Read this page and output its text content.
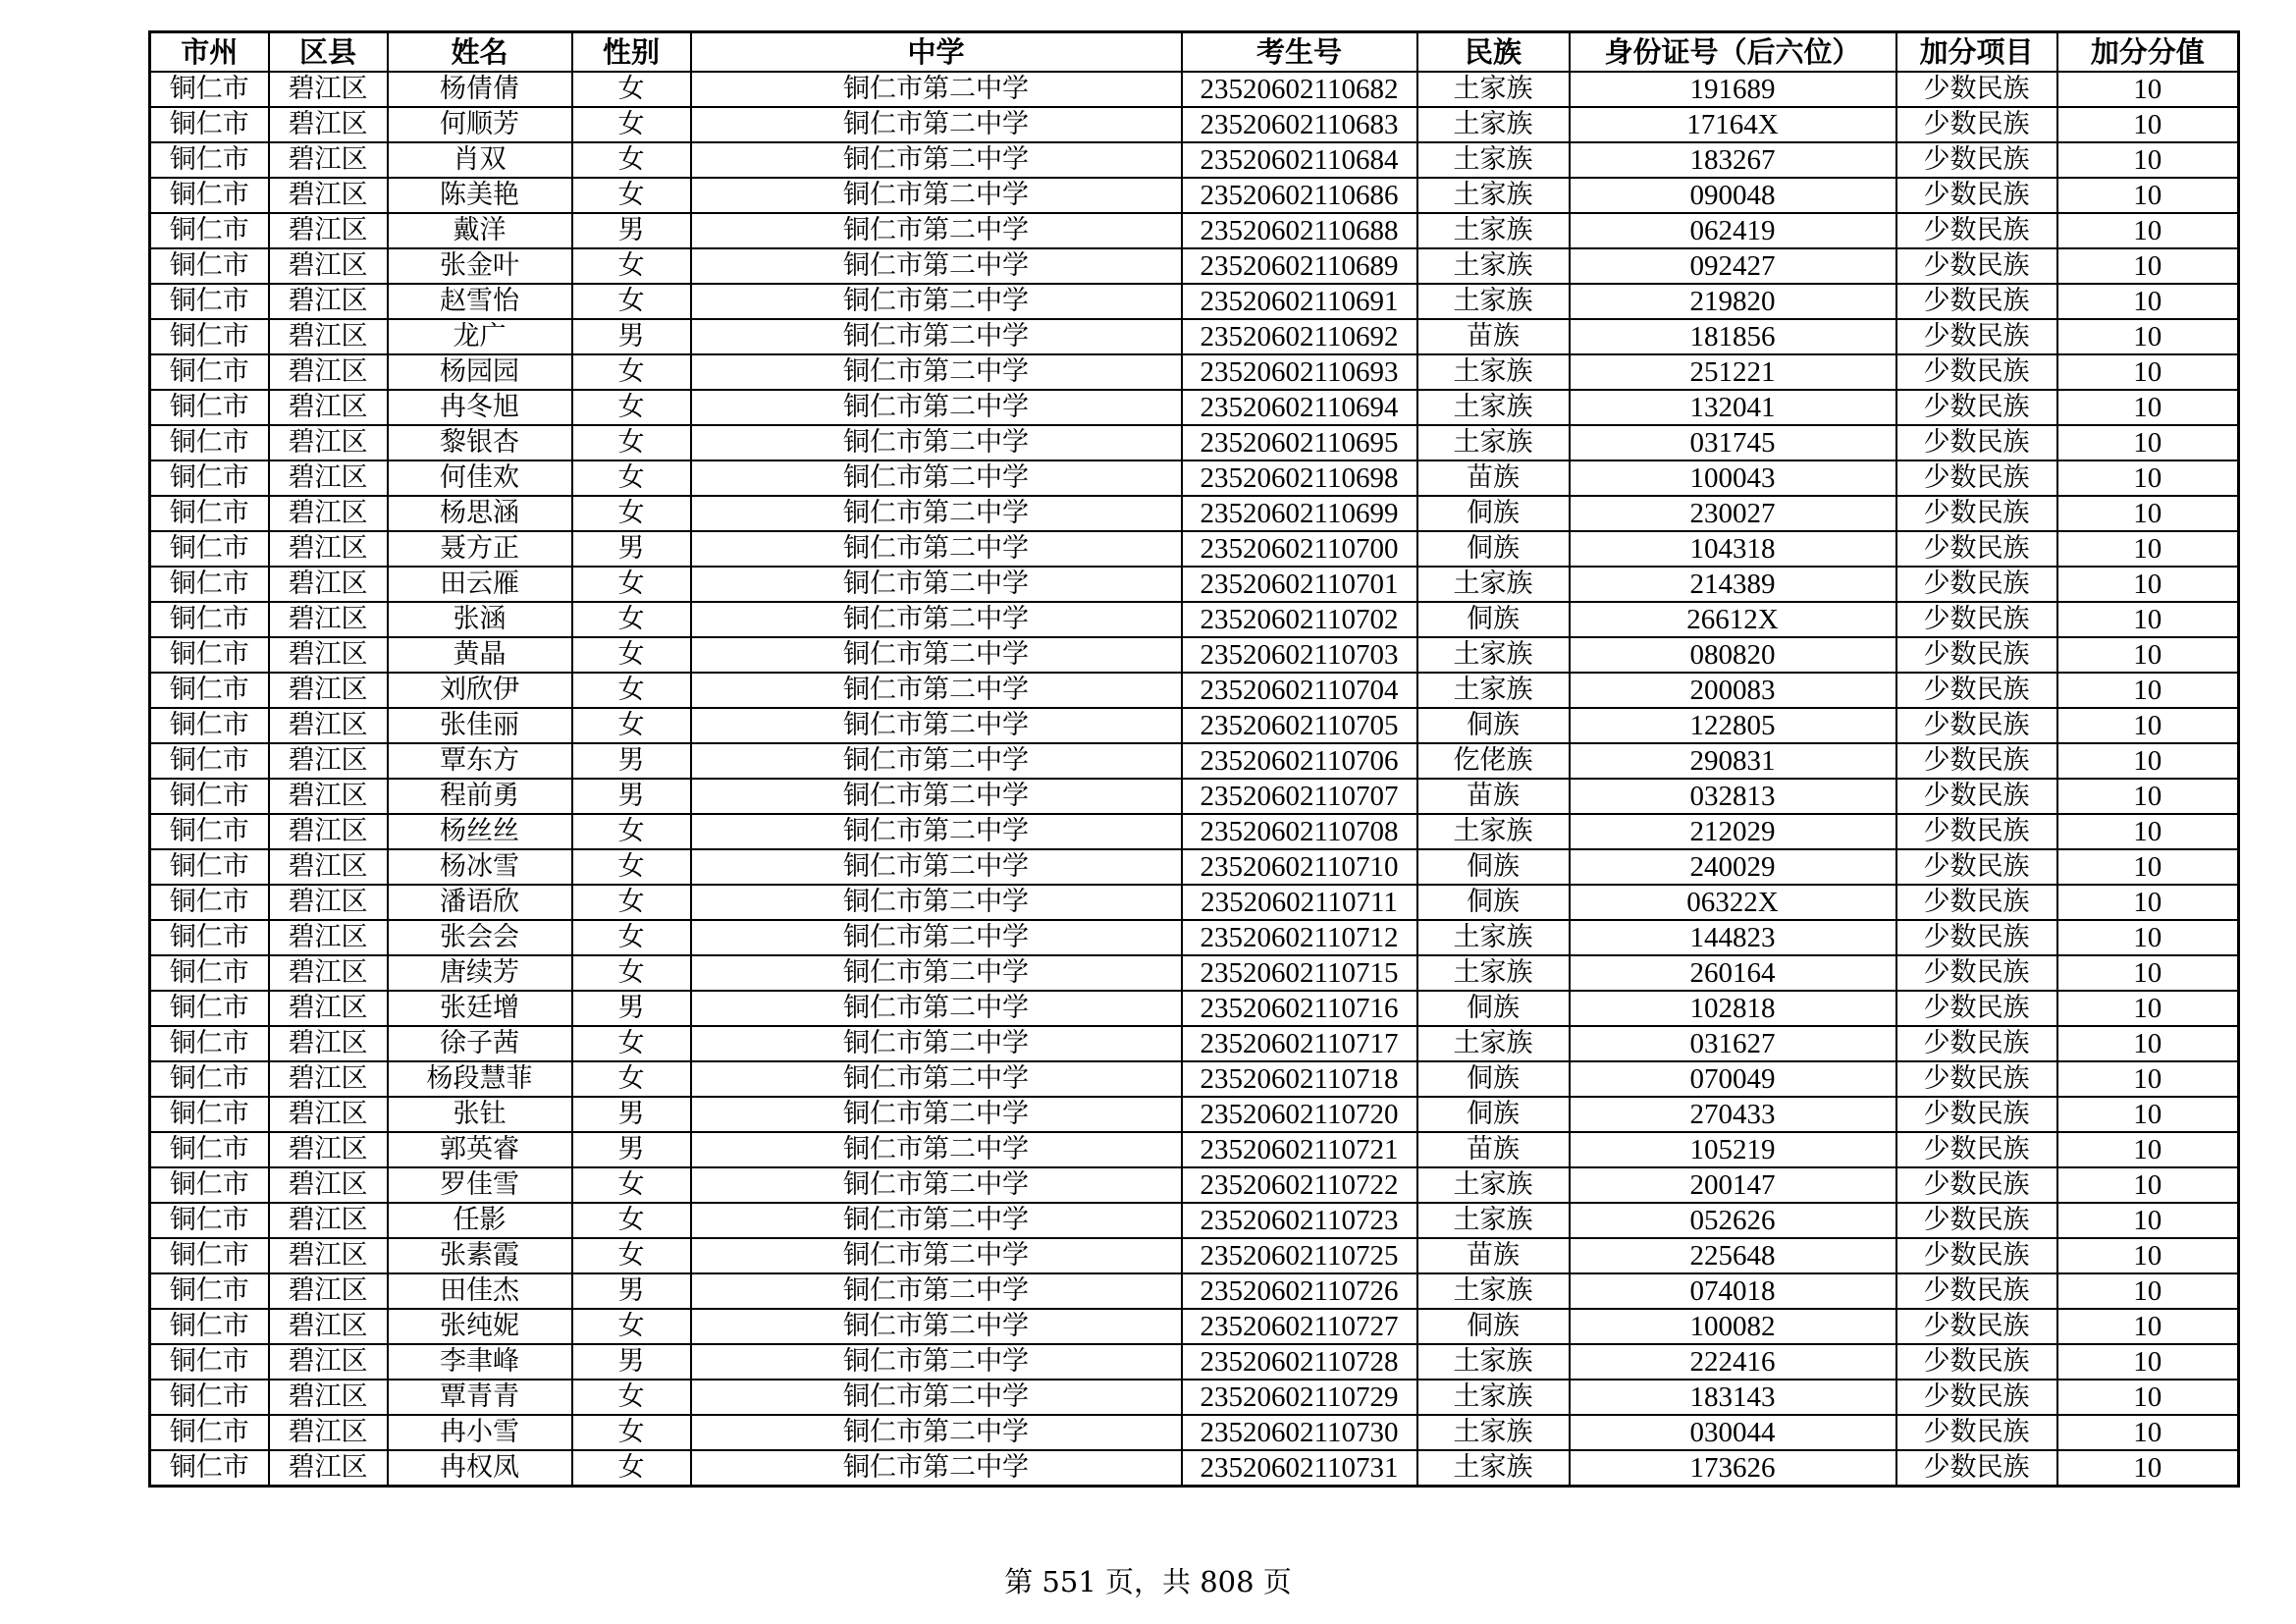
市州	区县	姓名	性别	中学	考生号	民族	身份证号（后六位）	加分项目	加分分值
铜仁市	碧江区	杨倩倩	女	铜仁市第二中学	23520602110682	土家族	191689	少数民族	10
铜仁市	碧江区	何顺芳	女	铜仁市第二中学	23520602110683	土家族	17164X	少数民族	10
铜仁市	碧江区	肖双	女	铜仁市第二中学	23520602110684	土家族	183267	少数民族	10
铜仁市	碧江区	陈美艳	女	铜仁市第二中学	23520602110686	土家族	090048	少数民族	10
铜仁市	碧江区	戴洋	男	铜仁市第二中学	23520602110688	土家族	062419	少数民族	10
铜仁市	碧江区	张金叶	女	铜仁市第二中学	23520602110689	土家族	092427	少数民族	10
铜仁市	碧江区	赵雪怡	女	铜仁市第二中学	23520602110691	土家族	219820	少数民族	10
铜仁市	碧江区	龙广	男	铜仁市第二中学	23520602110692	苗族	181856	少数民族	10
铜仁市	碧江区	杨园园	女	铜仁市第二中学	23520602110693	土家族	251221	少数民族	10
铜仁市	碧江区	冉冬旭	女	铜仁市第二中学	23520602110694	土家族	132041	少数民族	10
铜仁市	碧江区	黎银杏	女	铜仁市第二中学	23520602110695	土家族	031745	少数民族	10
铜仁市	碧江区	何佳欢	女	铜仁市第二中学	23520602110698	苗族	100043	少数民族	10
铜仁市	碧江区	杨思涵	女	铜仁市第二中学	23520602110699	侗族	230027	少数民族	10
铜仁市	碧江区	聂方正	男	铜仁市第二中学	23520602110700	侗族	104318	少数民族	10
铜仁市	碧江区	田云雁	女	铜仁市第二中学	23520602110701	土家族	214389	少数民族	10
铜仁市	碧江区	张涵	女	铜仁市第二中学	23520602110702	侗族	26612X	少数民族	10
铜仁市	碧江区	黄晶	女	铜仁市第二中学	23520602110703	土家族	080820	少数民族	10
铜仁市	碧江区	刘欣伊	女	铜仁市第二中学	23520602110704	土家族	200083	少数民族	10
铜仁市	碧江区	张佳丽	女	铜仁市第二中学	23520602110705	侗族	122805	少数民族	10
铜仁市	碧江区	覃东方	男	铜仁市第二中学	23520602110706	仡佬族	290831	少数民族	10
铜仁市	碧江区	程前勇	男	铜仁市第二中学	23520602110707	苗族	032813	少数民族	10
铜仁市	碧江区	杨丝丝	女	铜仁市第二中学	23520602110708	土家族	212029	少数民族	10
铜仁市	碧江区	杨冰雪	女	铜仁市第二中学	23520602110710	侗族	240029	少数民族	10
铜仁市	碧江区	潘语欣	女	铜仁市第二中学	23520602110711	侗族	06322X	少数民族	10
铜仁市	碧江区	张会会	女	铜仁市第二中学	23520602110712	土家族	144823	少数民族	10
铜仁市	碧江区	唐续芳	女	铜仁市第二中学	23520602110715	土家族	260164	少数民族	10
铜仁市	碧江区	张廷增	男	铜仁市第二中学	23520602110716	侗族	102818	少数民族	10
铜仁市	碧江区	徐子茜	女	铜仁市第二中学	23520602110717	土家族	031627	少数民族	10
铜仁市	碧江区	杨段慧菲	女	铜仁市第二中学	23520602110718	侗族	070049	少数民族	10
铜仁市	碧江区	张钍	男	铜仁市第二中学	23520602110720	侗族	270433	少数民族	10
铜仁市	碧江区	郭英睿	男	铜仁市第二中学	23520602110721	苗族	105219	少数民族	10
铜仁市	碧江区	罗佳雪	女	铜仁市第二中学	23520602110722	土家族	200147	少数民族	10
铜仁市	碧江区	任影	女	铜仁市第二中学	23520602110723	土家族	052626	少数民族	10
铜仁市	碧江区	张素霞	女	铜仁市第二中学	23520602110725	苗族	225648	少数民族	10
铜仁市	碧江区	田佳杰	男	铜仁市第二中学	23520602110726	土家族	074018	少数民族	10
铜仁市	碧江区	张纯妮	女	铜仁市第二中学	23520602110727	侗族	100082	少数民族	10
铜仁市	碧江区	李聿峰	男	铜仁市第二中学	23520602110728	土家族	222416	少数民族	10
铜仁市	碧江区	覃青青	女	铜仁市第二中学	23520602110729	土家族	183143	少数民族	10
铜仁市	碧江区	冉小雪	女	铜仁市第二中学	23520602110730	土家族	030044	少数民族	10
铜仁市	碧江区	冉权凤	女	铜仁市第二中学	23520602110731	土家族	173626	少数民族	10
第 551 页，共 808 页
